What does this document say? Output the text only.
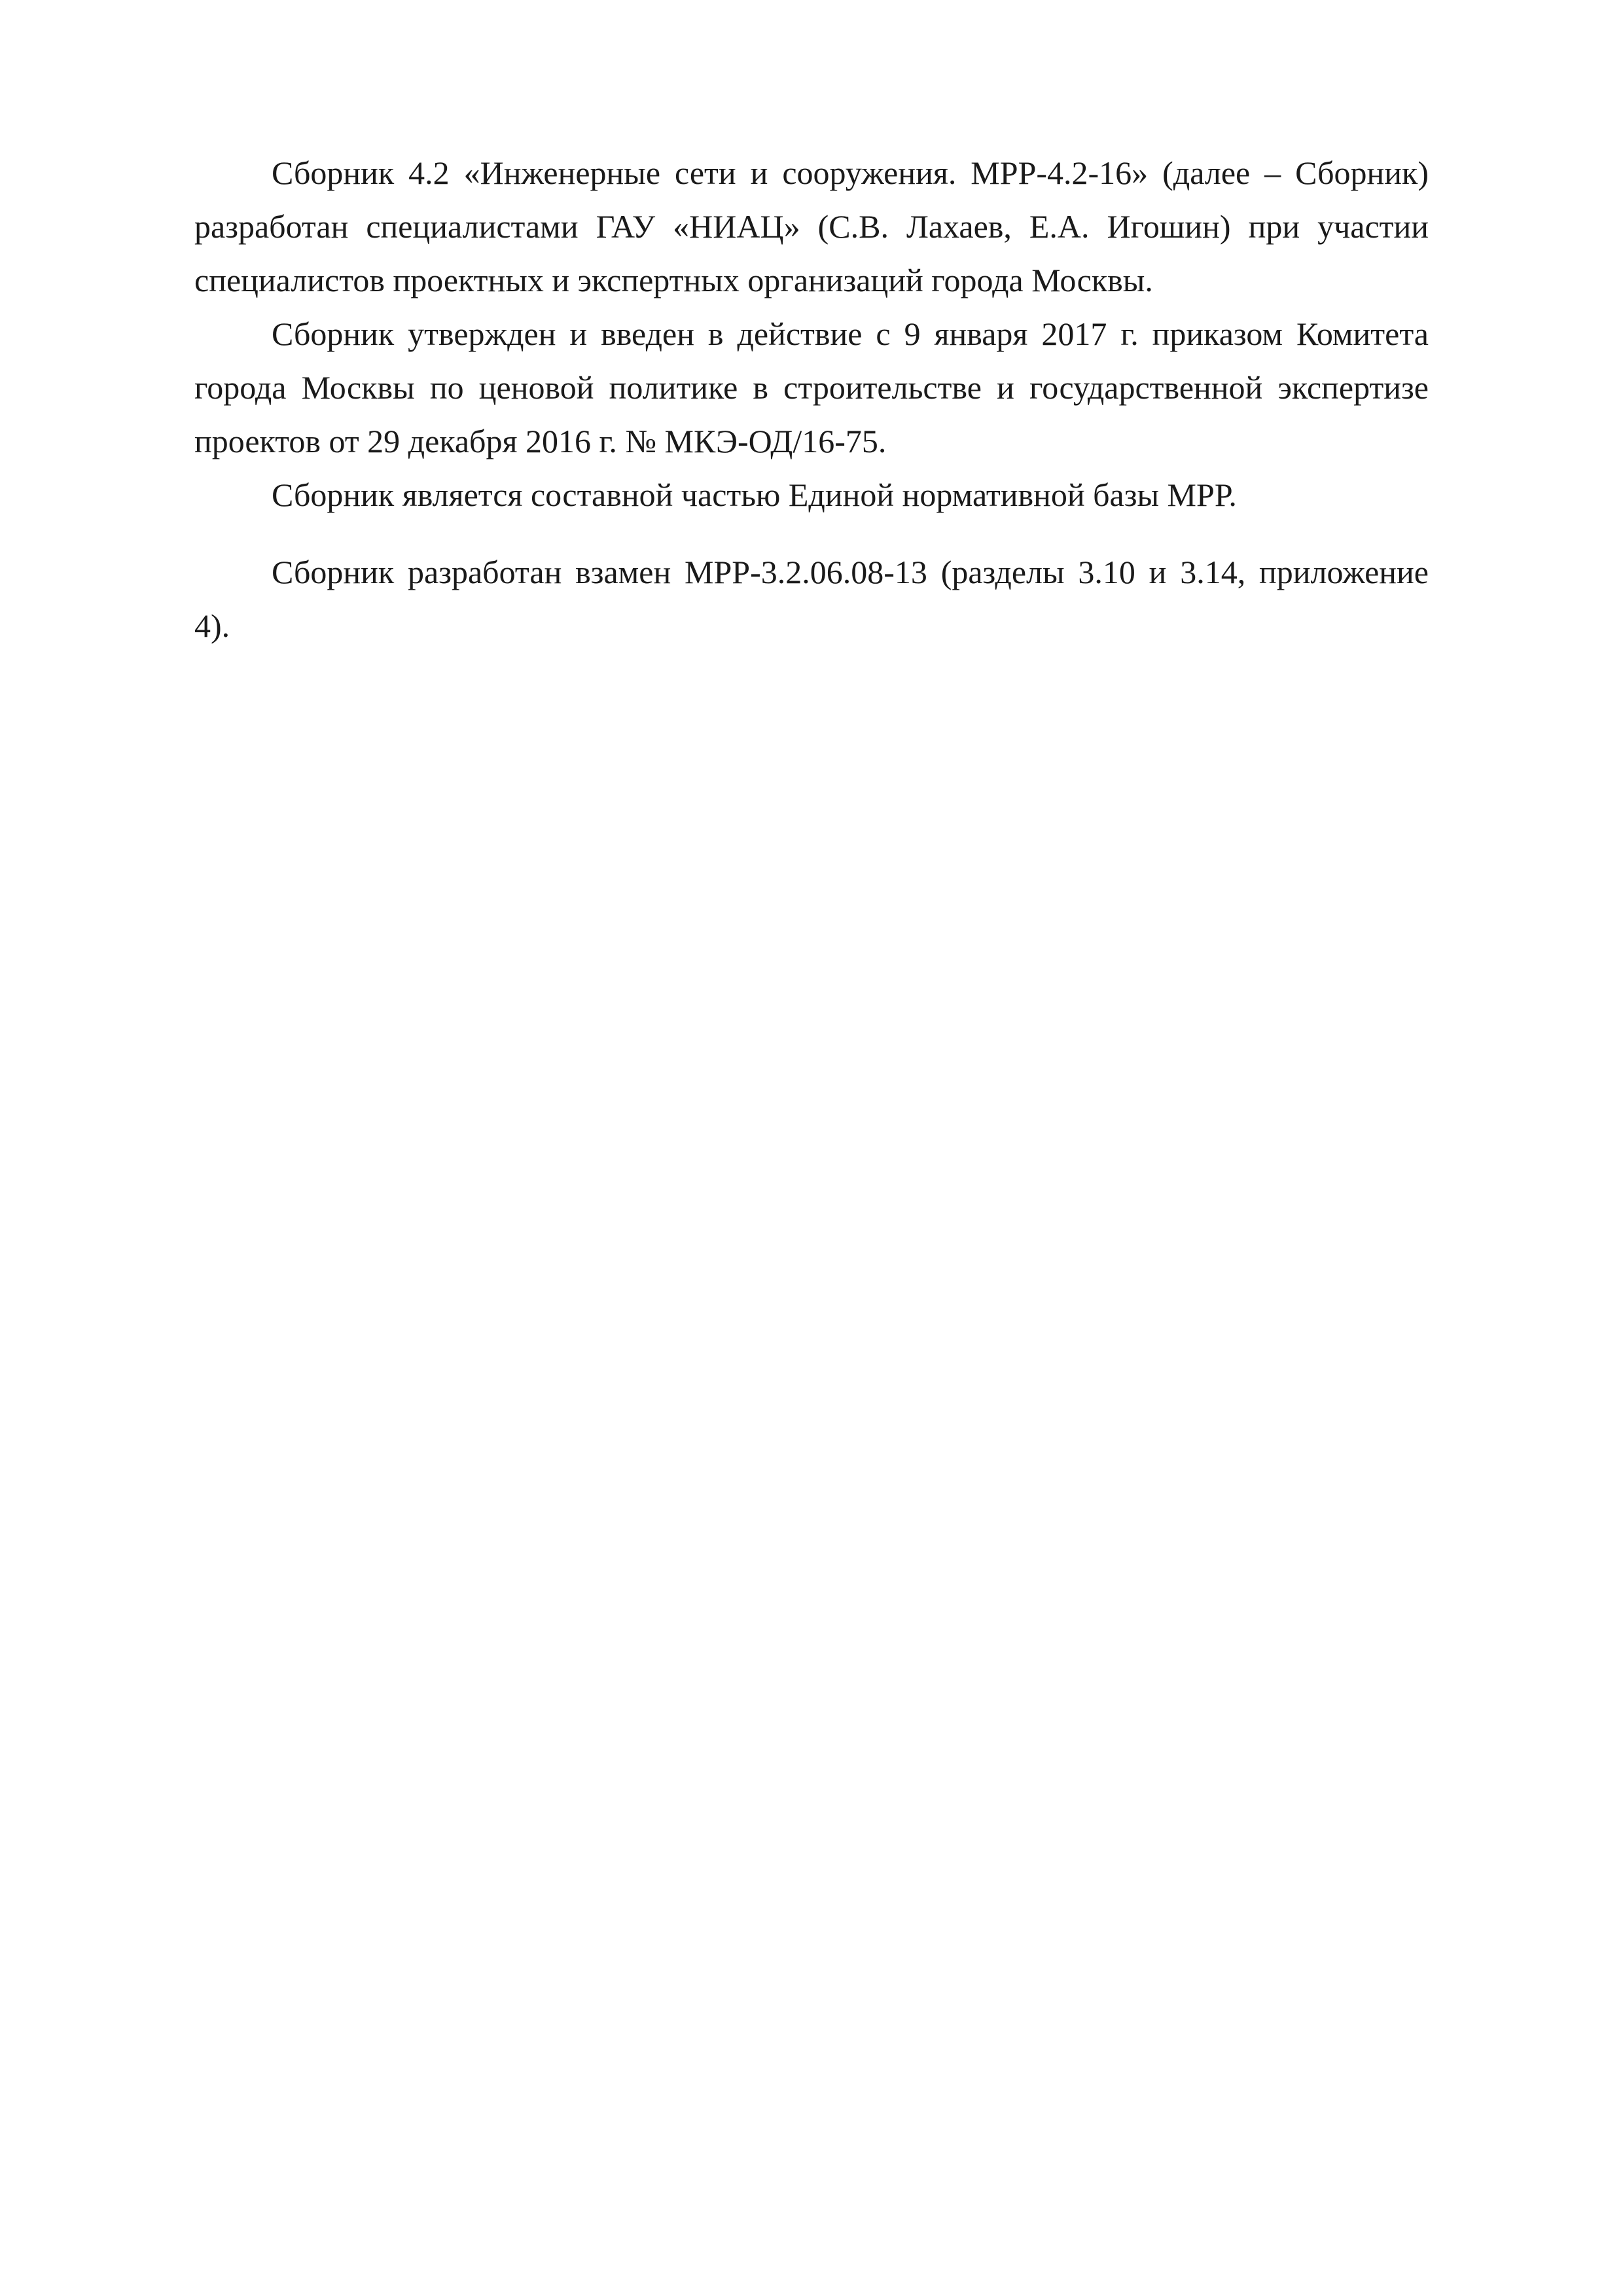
Сборник 4.2 «Инженерные сети и сооружения. МРР-4.2-16» (далее – Сборник) разработан специалистами ГАУ «НИАЦ» (С.В. Лахаев, Е.А. Игошин) при участии специалистов проектных и экспертных организаций города Москвы.

Сборник утвержден и введен в действие с 9 января 2017 г. приказом Комитета города Москвы по ценовой политике в строительстве и государственной экспертизе проектов от 29 декабря 2016 г. № МКЭ-ОД/16-75.

Сборник является составной частью Единой нормативной базы МРР.

Сборник разработан взамен МРР-3.2.06.08-13 (разделы 3.10 и 3.14, приложение 4).
